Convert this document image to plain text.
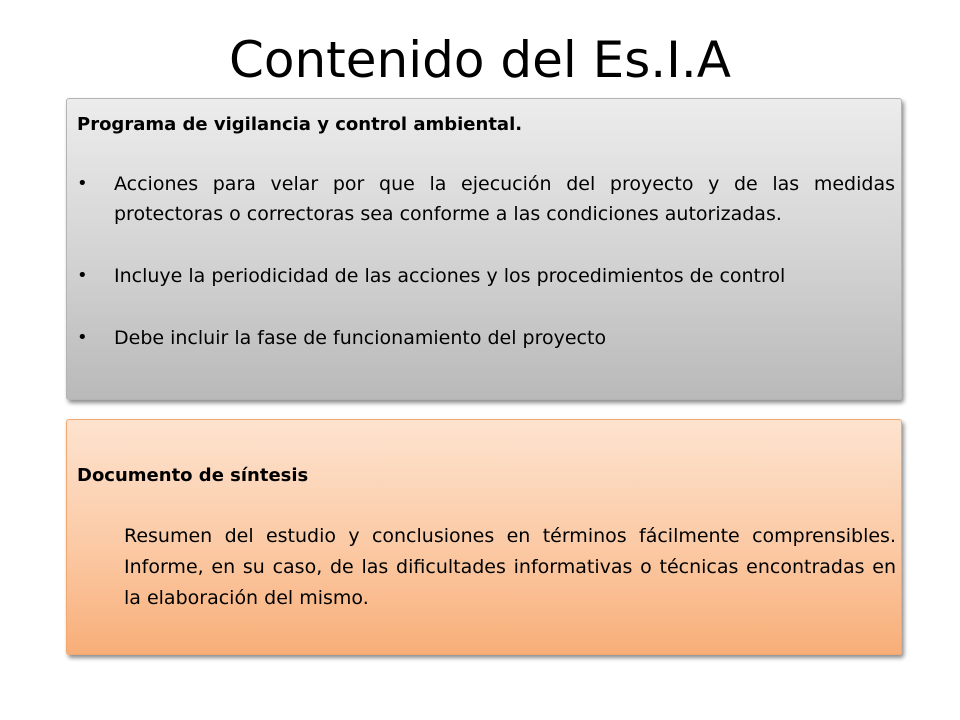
Contenido del Es.I.A
Programa de vigilancia y control ambiental.
•	Acciones para velar por que la ejecución del proyecto y de las medidas protectoras o correctoras sea conforme a las condiciones autorizadas.
•	Incluye la periodicidad de las acciones y los procedimientos de control
•	Debe incluir la fase de funcionamiento del proyecto
Documento de síntesis
Resumen del estudio y conclusiones en términos fácilmente comprensibles. Informe, en su caso, de las dificultades informativas o técnicas encontradas en la elaboración del mismo.
